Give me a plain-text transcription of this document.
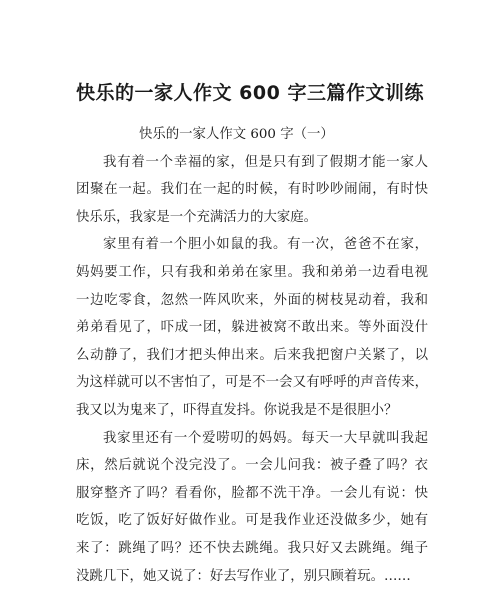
快乐的一家人作文 600 字三篇作文训练

快乐的一家人作文 600 字（一）

我有着一个幸福的家，但是只有到了假期才能一家人
团聚在一起。我们在一起的时候，有时吵吵闹闹，有时快
快乐乐，我家是一个充满活力的大家庭。
家里有着一个胆小如鼠的我。有一次，爸爸不在家，
妈妈要工作，只有我和弟弟在家里。我和弟弟一边看电视
一边吃零食，忽然一阵风吹来，外面的树枝晃动着，我和
弟弟看见了，吓成一团，躲进被窝不敢出来。等外面没什
么动静了，我们才把头伸出来。后来我把窗户关紧了，以
为这样就可以不害怕了，可是不一会又有呼呼的声音传来，
我又以为鬼来了，吓得直发抖。你说我是不是很胆小？
我家里还有一个爱唠叨的妈妈。每天一大早就叫我起
床，然后就说个没完没了。一会儿问我：被子叠了吗？衣
服穿整齐了吗？看看你，脸都不洗干净。一会儿有说：快
吃饭，吃了饭好好做作业。可是我作业还没做多少，她有
来了：跳绳了吗？还不快去跳绳。我只好又去跳绳。绳子
没跳几下，她又说了：好去写作业了，别只顾着玩。……
